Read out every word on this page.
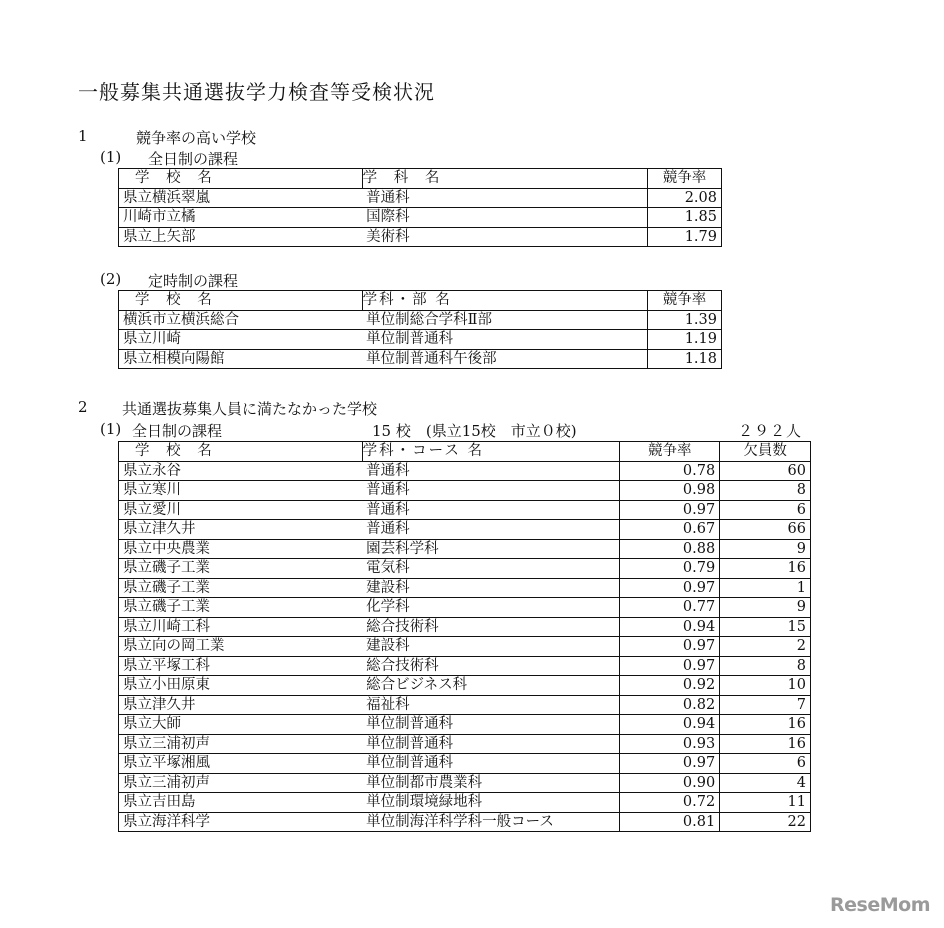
一般募集共通選抜学力検査等受検状況
1	競争率の高い学校
(1) 全日制の課程
学 校 名	学 科 名	競争率
県立横浜翠嵐	普通科	2.08
川崎市立橘	国際科	1.85
県立上矢部	美術科	1.79
(2) 定時制の課程
学 校 名	学科・部 名	競争率
横浜市立横浜総合	単位制総合学科Ⅱ部	1.39
県立川崎	単位制普通科	1.19
県立相模向陽館	単位制普通科午後部	1.18
2 共通選抜募集人員に満たなかった学校
(1) 全日制の課程	15 校　(県立15校　市立０校)	２９２人
学 校 名	学科・コース 名	競争率	欠員数
県立永谷	普通科	0.78	60
県立寒川	普通科	0.98	8
県立愛川	普通科	0.97	6
県立津久井	普通科	0.67	66
県立中央農業	園芸科学科	0.88	9
県立磯子工業	電気科	0.79	16
県立磯子工業	建設科	0.97	1
県立磯子工業	化学科	0.77	9
県立川崎工科	総合技術科	0.94	15
県立向の岡工業	建設科	0.97	2
県立平塚工科	総合技術科	0.97	8
県立小田原東	総合ビジネス科	0.92	10
県立津久井	福祉科	0.82	7
県立大師	単位制普通科	0.94	16
県立三浦初声	単位制普通科	0.93	16
県立平塚湘風	単位制普通科	0.97	6
県立三浦初声	単位制都市農業科	0.90	4
県立吉田島	単位制環境緑地科	0.72	11
県立海洋科学	単位制海洋科学科一般コース	0.81	22
ReseMom
